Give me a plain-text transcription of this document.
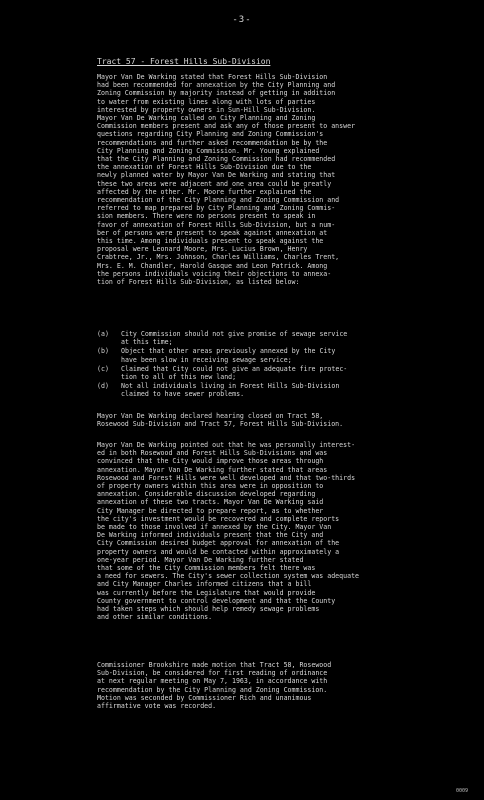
-3-
Tract 57 - Forest Hills Sub-Division
Mayor Van De Warking stated that Forest Hills Sub-Division
had been recommended for annexation by the City Planning and
Zoning Commission by majority instead of getting in addition
to water from existing lines along with lots of parties
interested by property owners in Sun-Hill Sub-Division.
Mayor Van De Warking called on City Planning and Zoning
Commission members present and ask any of those present to answer
questions regarding City Planning and Zoning Commission's
recommendations and further asked recommendation be by the
City Planning and Zoning Commission. Mr. Young explained
that the City Planning and Zoning Commission had recommended
the annexation of Forest Hills Sub-Division due to the
newly planned water by Mayor Van De Warking and stating that
these two areas were adjacent and one area could be greatly
affected by the other. Mr. Moore further explained the
recommendation of the City Planning and Zoning Commission and
referred to map prepared by City Planning and Zoning Commis-
sion members. There were no persons present to speak in
favor of annexation of Forest Hills Sub-Division, but a num-
ber of persons were present to speak against annexation at
this time. Among individuals present to speak against the
proposal were Leonard Moore, Mrs. Lucius Brown, Henry
Crabtree, Jr., Mrs. Johnson, Charles Williams, Charles Trent,
Mrs. E. M. Chandler, Harold Gasque and Leon Patrick. Among
the persons individuals voicing their objections to annexa-
tion of Forest Hills Sub-Division, as listed below:
(a)	City Commission should not give promise of sewage service
at this time;
(b)	Object that other areas previously annexed by the City
have been slow in receiving sewage service;
(c)	Claimed that City could not give an adequate fire protec-
tion to all of this new land;
(d)	Not all individuals living in Forest Hills Sub-Division
claimed to have sewer problems.
Mayor Van De Warking declared hearing closed on Tract 58,
Rosewood Sub-Division and Tract 57, Forest Hills Sub-Division.
Mayor Van De Warking pointed out that he was personally interest-
ed in both Rosewood and Forest Hills Sub-Divisions and was
convinced that the City would improve those areas through
annexation. Mayor Van De Warking further stated that areas
Rosewood and Forest Hills were well developed and that two-thirds
of property owners within this area were in opposition to
annexation. Considerable discussion developed regarding
annexation of these two tracts. Mayor Van De Warking said
City Manager be directed to prepare report, as to whether
the city's investment would be recovered and complete reports
be made to those involved if annexed by the City. Mayor Van
De Warking informed individuals present that the City and
City Commission desired budget approval for annexation of the
property owners and would be contacted within approximately a
one-year period. Mayor Van De Warking further stated
that some of the City Commission members felt there was
a need for sewers. The City's sewer collection system was adequate
and City Manager Charles informed citizens that a bill
was currently before the Legislature that would provide
County government to control development and that the County
had taken steps which should help remedy sewage problems
and other similar conditions.
Commissioner Brookshire made motion that Tract 58, Rosewood
Sub-Division, be considered for first reading of ordinance
at next regular meeting on May 7, 1963, in accordance with
recommendation by the City Planning and Zoning Commission.
Motion was seconded by Commissioner Rich and unanimous
affirmative vote was recorded.
0009
